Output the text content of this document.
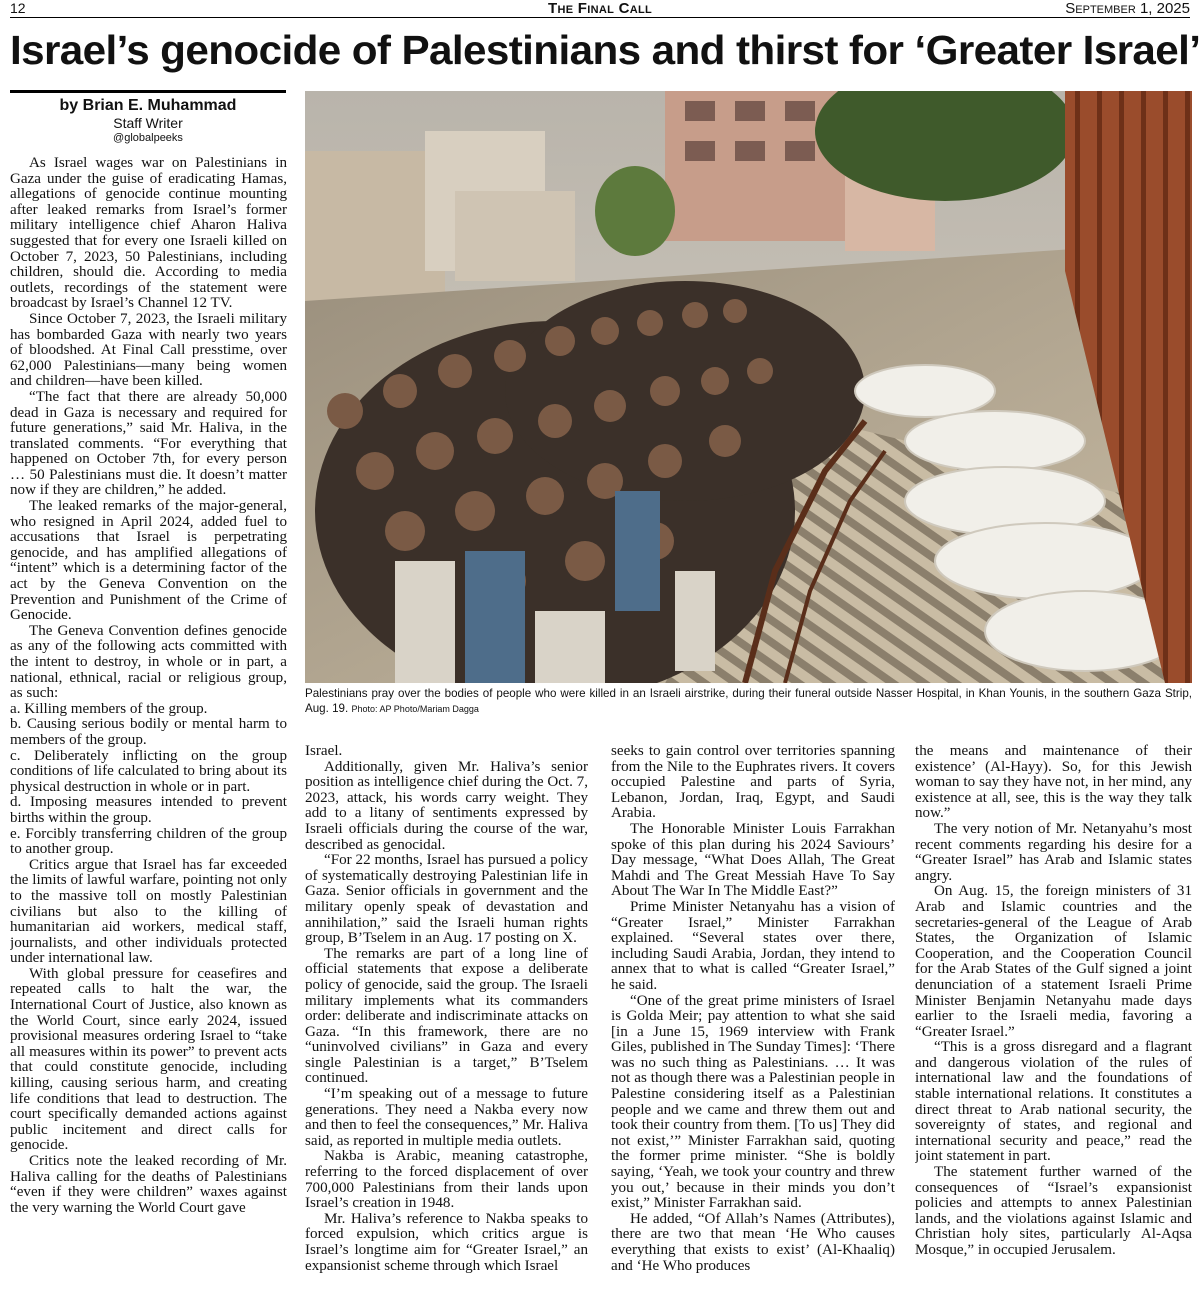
12	The Final Call	September 1, 2025
Israel’s genocide of Palestinians and thirst for ‘Greater Israel’
by Brian E. Muhammad
Staff Writer
@globalpeeks

As Israel wages war on Palestinians in Gaza under the guise of eradicating Hamas, allegations of genocide continue mounting after leaked remarks from Israel’s former military intelligence chief Aharon Haliva suggested that for every one Israeli killed on October 7, 2023, 50 Palestinians, including children, should die. According to media outlets, recordings of the statement were broadcast by Israel’s Channel 12 TV.

Since October 7, 2023, the Israeli military has bombarded Gaza with nearly two years of bloodshed. At Final Call presstime, over 62,000 Palestinians—many being women and children—have been killed.

“The fact that there are already 50,000 dead in Gaza is necessary and required for future generations,” said Mr. Haliva, in the translated comments. “For everything that happened on October 7th, for every person … 50 Palestinians must die. It doesn’t matter now if they are children,” he added.

The leaked remarks of the major-general, who resigned in April 2024, added fuel to accusations that Israel is perpetrating genocide, and has amplified allegations of “intent” which is a determining factor of the act by the Geneva Convention on the Prevention and Punishment of the Crime of Genocide.

The Geneva Convention defines genocide as any of the following acts committed with the intent to destroy, in whole or in part, a national, ethnical, racial or religious group, as such:

a. Killing members of the group.

b. Causing serious bodily or mental harm to members of the group.

c. Deliberately inflicting on the group conditions of life calculated to bring about its physical destruction in whole or in part.

d. Imposing measures intended to prevent births within the group.

e. Forcibly transferring children of the group to another group.

Critics argue that Israel has far exceeded the limits of lawful warfare, pointing not only to the massive toll on mostly Palestinian civilians but also to the killing of humanitarian aid workers, medical staff, journalists, and other individuals protected under international law.

With global pressure for ceasefires and repeated calls to halt the war, the International Court of Justice, also known as the World Court, since early 2024, issued provisional measures ordering Israel to “take all measures within its power” to prevent acts that could constitute genocide, including killing, causing serious harm, and creating life conditions that lead to destruction. The court specifically demanded actions against public incitement and direct calls for genocide.

Critics note the leaked recording of Mr. Haliva calling for the deaths of Palestinians “even if they were children” waxes against the very warning the World Court gave

Palestinians pray over the bodies of people who were killed in an Israeli airstrike, during their funeral outside Nasser Hospital, in Khan Younis, in the southern Gaza Strip, Aug. 19. Photo: AP Photo/Mariam Dagga

Israel.

Additionally, given Mr. Haliva’s senior position as intelligence chief during the Oct. 7, 2023, attack, his words carry weight. They add to a litany of sentiments expressed by Israeli officials during the course of the war, described as genocidal.

“For 22 months, Israel has pursued a policy of systematically destroying Palestinian life in Gaza. Senior officials in government and the military openly speak of devastation and annihilation,” said the Israeli human rights group, B’Tselem in an Aug. 17 posting on X.

The remarks are part of a long line of official statements that expose a deliberate policy of genocide, said the group. The Israeli military implements what its commanders order: deliberate and indiscriminate attacks on Gaza. “In this framework, there are no “uninvolved civilians” in Gaza and every single Palestinian is a target,” B’Tselem continued.

“I’m speaking out of a message to future generations. They need a Nakba every now and then to feel the consequences,” Mr. Haliva said, as reported in multiple media outlets.

Nakba is Arabic, meaning catastrophe, referring to the forced displacement of over 700,000 Palestinians from their lands upon Israel’s creation in 1948.

Mr. Haliva’s reference to Nakba speaks to forced expulsion, which critics argue is Israel’s longtime aim for “Greater Israel,” an expansionist scheme through which Israel

seeks to gain control over territories spanning from the Nile to the Euphrates rivers. It covers occupied Palestine and parts of Syria, Lebanon, Jordan, Iraq, Egypt, and Saudi Arabia.

The Honorable Minister Louis Farrakhan spoke of this plan during his 2024 Saviours’ Day message, “What Does Allah, The Great Mahdi and The Great Messiah Have To Say About The War In The Middle East?”

Prime Minister Netanyahu has a vision of “Greater Israel,” Minister Farrakhan explained. “Several states over there, including Saudi Arabia, Jordan, they intend to annex that to what is called “Greater Israel,” he said.

“One of the great prime ministers of Israel is Golda Meir; pay attention to what she said [in a June 15, 1969 interview with Frank Giles, published in The Sunday Times]: ‘There was no such thing as Palestinians. … It was not as though there was a Palestinian people in Palestine considering itself as a Palestinian people and we came and threw them out and took their country from them. [To us] They did not exist,’” Minister Farrakhan said, quoting the former prime minister. “She is boldly saying, ‘Yeah, we took your country and threw you out,’ because in their minds you don’t exist,” Minister Farrakhan said.

He added, “Of Allah’s Names (Attributes), there are two that mean ‘He Who causes everything that exists to exist’ (Al-Khaaliq) and ‘He Who produces

the means and maintenance of their existence’ (Al-Hayy). So, for this Jewish woman to say they have not, in her mind, any existence at all, see, this is the way they talk now.”

The very notion of Mr. Netanyahu’s most recent comments regarding his desire for a “Greater Israel” has Arab and Islamic states angry.

On Aug. 15, the foreign ministers of 31 Arab and Islamic countries and the secretaries-general of the League of Arab States, the Organization of Islamic Cooperation, and the Cooperation Council for the Arab States of the Gulf signed a joint denunciation of a statement Israeli Prime Minister Benjamin Netanyahu made days earlier to the Israeli media, favoring a “Greater Israel.”

“This is a gross disregard and a flagrant and dangerous violation of the rules of international law and the foundations of stable international relations. It constitutes a direct threat to Arab national security, the sovereignty of states, and regional and international security and peace,” read the joint statement in part.

The statement further warned of the consequences of “Israel’s expansionist policies and attempts to annex Palestinian lands, and the violations against Islamic and Christian holy sites, particularly Al-Aqsa Mosque,” in occupied Jerusalem.
